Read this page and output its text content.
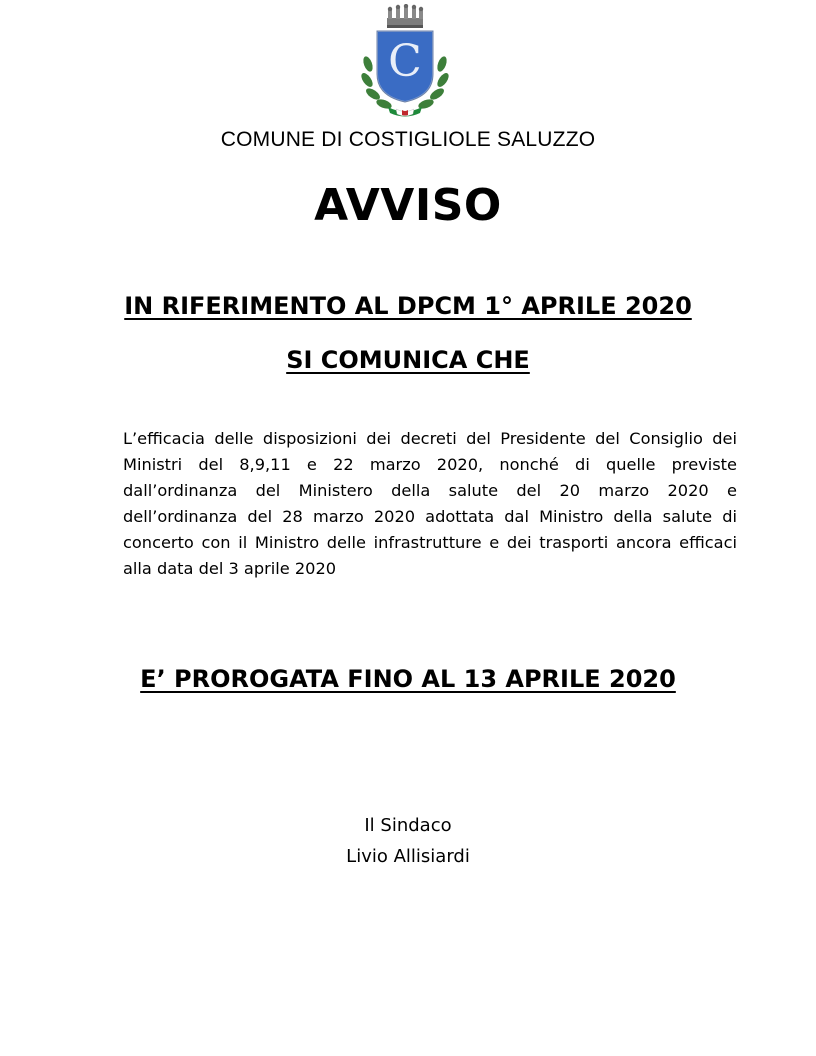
C
COMUNE DI COSTIGLIOLE SALUZZO
AVVISO
IN RIFERIMENTO AL DPCM 1° APRILE 2020
SI COMUNICA CHE
L’efficacia delle disposizioni dei decreti del Presidente del Consiglio dei Ministri del 8,9,11 e 22 marzo 2020, nonché di quelle previste dall’ordinanza del Ministero della salute del 20 marzo 2020 e dell’ordinanza del 28 marzo 2020 adottata dal Ministro della salute di concerto con il Ministro delle infrastrutture e dei trasporti ancora efficaci alla data del 3 aprile 2020
E’ PROROGATA FINO AL 13 APRILE 2020
Il Sindaco
Livio Allisiardi
